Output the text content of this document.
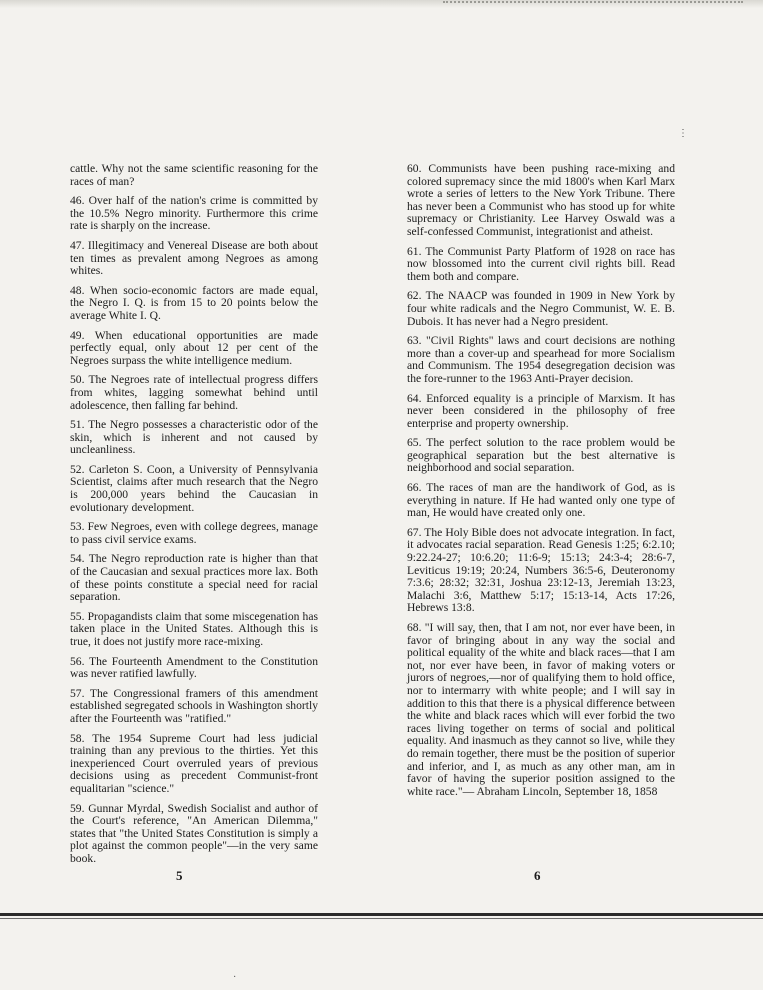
cattle. Why not the same scientific reasoning for the races of man?

46. Over half of the nation's crime is committed by the 10.5% Negro minority. Furthermore this crime rate is sharply on the increase.

47. Illegitimacy and Venereal Disease are both about ten times as prevalent among Negroes as among whites.

48. When socio-economic factors are made equal, the Negro I. Q. is from 15 to 20 points below the average White I. Q.

49. When educational opportunities are made perfectly equal, only about 12 per cent of the Negroes surpass the white intelligence medium.

50. The Negroes rate of intellectual progress differs from whites, lagging somewhat behind until adolescence, then falling far behind.

51. The Negro possesses a characteristic odor of the skin, which is inherent and not caused by uncleanliness.

52. Carleton S. Coon, a University of Pennsylvania Scientist, claims after much research that the Negro is 200,000 years behind the Caucasian in evolutionary development.

53. Few Negroes, even with college degrees, manage to pass civil service exams.

54. The Negro reproduction rate is higher than that of the Caucasian and sexual practices more lax. Both of these points constitute a special need for racial separation.

55. Propagandists claim that some miscegenation has taken place in the United States. Although this is true, it does not justify more race-mixing.

56. The Fourteenth Amendment to the Constitution was never ratified lawfully.

57. The Congressional framers of this amendment established segregated schools in Washington shortly after the Fourteenth was "ratified."

58. The 1954 Supreme Court had less judicial training than any previous to the thirties. Yet this inexperienced Court overruled years of previous decisions using as precedent Communist-front equalitarian "science."

59. Gunnar Myrdal, Swedish Socialist and author of the Court's reference, "An American Dilemma," states that "the United States Constitution is simply a plot against the common people"—in the very same book.

60. Communists have been pushing race-mixing and colored supremacy since the mid 1800's when Karl Marx wrote a series of letters to the New York Tribune. There has never been a Communist who has stood up for white supremacy or Christianity. Lee Harvey Oswald was a self-confessed Communist, integrationist and atheist.

61. The Communist Party Platform of 1928 on race has now blossomed into the current civil rights bill. Read them both and compare.

62. The NAACP was founded in 1909 in New York by four white radicals and the Negro Communist, W. E. B. Dubois. It has never had a Negro president.

63. "Civil Rights" laws and court decisions are nothing more than a cover-up and spearhead for more Socialism and Communism. The 1954 desegregation decision was the fore-runner to the 1963 Anti-Prayer decision.

64. Enforced equality is a principle of Marxism. It has never been considered in the philosophy of free enterprise and property ownership.

65. The perfect solution to the race problem would be geographical separation but the best alternative is neighborhood and social separation.

66. The races of man are the handiwork of God, as is everything in nature. If He had wanted only one type of man, He would have created only one.

67. The Holy Bible does not advocate integration. In fact, it advocates racial separation. Read Genesis 1:25; 6:2.10; 9:22.24-27; 10:6.20; 11:6-9; 15:13; 24:3-4; 28:6-7, Leviticus 19:19; 20:24, Numbers 36:5-6, Deuteronomy 7:3.6; 28:32; 32:31, Joshua 23:12-13, Jeremiah 13:23, Malachi 3:6, Matthew 5:17; 15:13-14, Acts 17:26, Hebrews 13:8.

68. "I will say, then, that I am not, nor ever have been, in favor of bringing about in any way the social and political equality of the white and black races—that I am not, nor ever have been, in favor of making voters or jurors of negroes,—nor of qualifying them to hold office, nor to intermarry with white people; and I will say in addition to this that there is a physical difference between the white and black races which will ever forbid the two races living together on terms of social and political equality. And inasmuch as they cannot so live, while they do remain together, there must be the position of superior and inferior, and I, as much as any other man, am in favor of having the superior position assigned to the white race."— Abraham Lincoln, September 18, 1858

5	6
⋮
·
